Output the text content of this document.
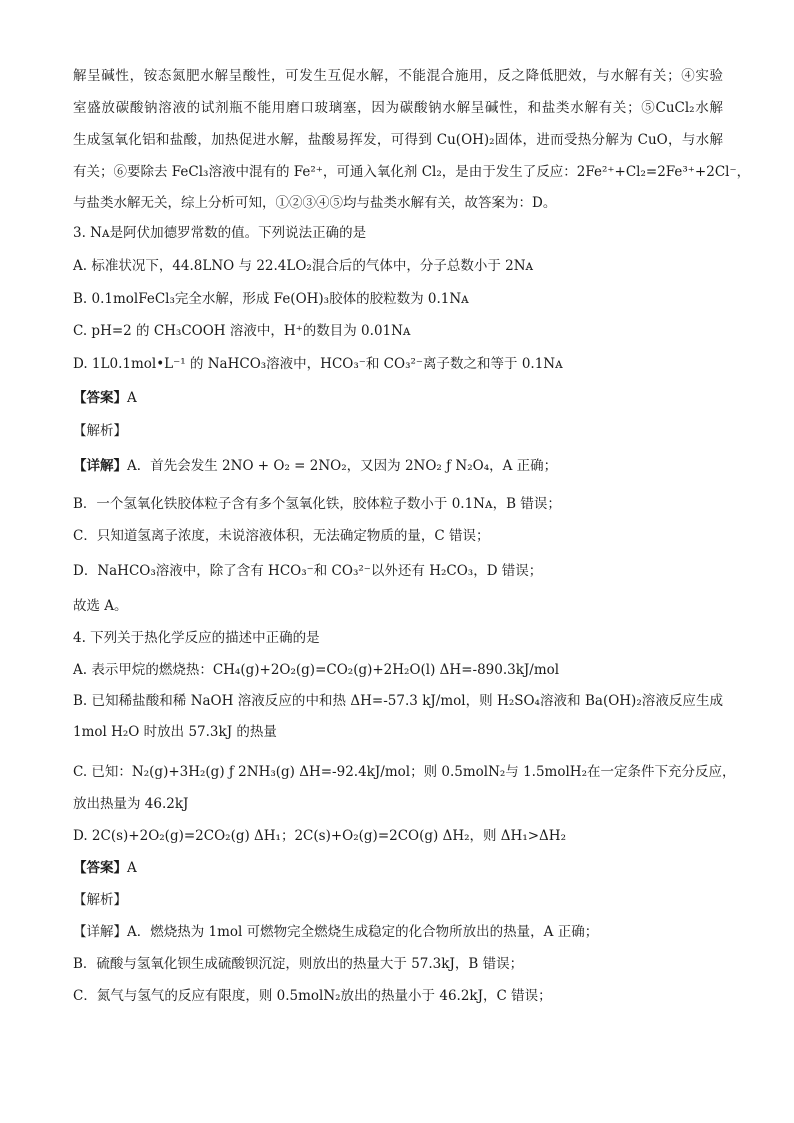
解呈碱性，铵态氮肥水解呈酸性，可发生互促水解，不能混合施用，反之降低肥效，与水解有关；④实验
室盛放碳酸钠溶液的试剂瓶不能用磨口玻璃塞，因为碳酸钠水解呈碱性，和盐类水解有关；⑤CuCl₂水解
生成氢氧化铝和盐酸，加热促进水解，盐酸易挥发，可得到 Cu(OH)₂固体，进而受热分解为 CuO，与水解
有关；⑥要除去 FeCl₃溶液中混有的 Fe²⁺，可通入氧化剂 Cl₂，是由于发生了反应：2Fe²⁺+Cl₂=2Fe³⁺+2Cl⁻，
与盐类水解无关，综上分析可知，①②③④⑤均与盐类水解有关，故答案为：D。
3. Nᴀ是阿伏加德罗常数的值。下列说法正确的是
A. 标准状况下，44.8LNO 与 22.4LO₂混合后的气体中，分子总数小于 2Nᴀ
B. 0.1molFeCl₃完全水解，形成 Fe(OH)₃胶体的胶粒数为 0.1Nᴀ
C. pH=2 的 CH₃COOH 溶液中，H⁺的数目为 0.01Nᴀ
D. 1L0.1mol•L⁻¹ 的 NaHCO₃溶液中，HCO₃⁻和 CO₃²⁻离子数之和等于 0.1Nᴀ
【答案】A
【解析】
【详解】A．首先会发生 2NO + O₂ = 2NO₂，又因为 2NO₂ ƒ N₂O₄，A 正确；
B．一个氢氧化铁胶体粒子含有多个氢氧化铁，胶体粒子数小于 0.1Nᴀ，B 错误；
C．只知道氢离子浓度，未说溶液体积，无法确定物质的量，C 错误；
D．NaHCO₃溶液中，除了含有 HCO₃⁻和 CO₃²⁻以外还有 H₂CO₃，D 错误；
故选 A。
4. 下列关于热化学反应的描述中正确的是
A. 表示甲烷的燃烧热：CH₄(g)+2O₂(g)=CO₂(g)+2H₂O(l) ΔH=-890.3kJ/mol
B. 已知稀盐酸和稀 NaOH 溶液反应的中和热 ΔH=-57.3 kJ/mol，则 H₂SO₄溶液和 Ba(OH)₂溶液反应生成
1mol H₂O 时放出 57.3kJ 的热量
C. 已知：N₂(g)+3H₂(g) ƒ 2NH₃(g) ΔH=-92.4kJ/mol；则 0.5molN₂与 1.5molH₂在一定条件下充分反应，
放出热量为 46.2kJ
D. 2C(s)+2O₂(g)=2CO₂(g) ΔH₁；2C(s)+O₂(g)=2CO(g) ΔH₂，则 ΔH₁>ΔH₂
【答案】A
【解析】
【详解】A．燃烧热为 1mol 可燃物完全燃烧生成稳定的化合物所放出的热量，A 正确；
B．硫酸与氢氧化钡生成硫酸钡沉淀，则放出的热量大于 57.3kJ，B 错误；
C．氮气与氢气的反应有限度，则 0.5molN₂放出的热量小于 46.2kJ，C 错误；
